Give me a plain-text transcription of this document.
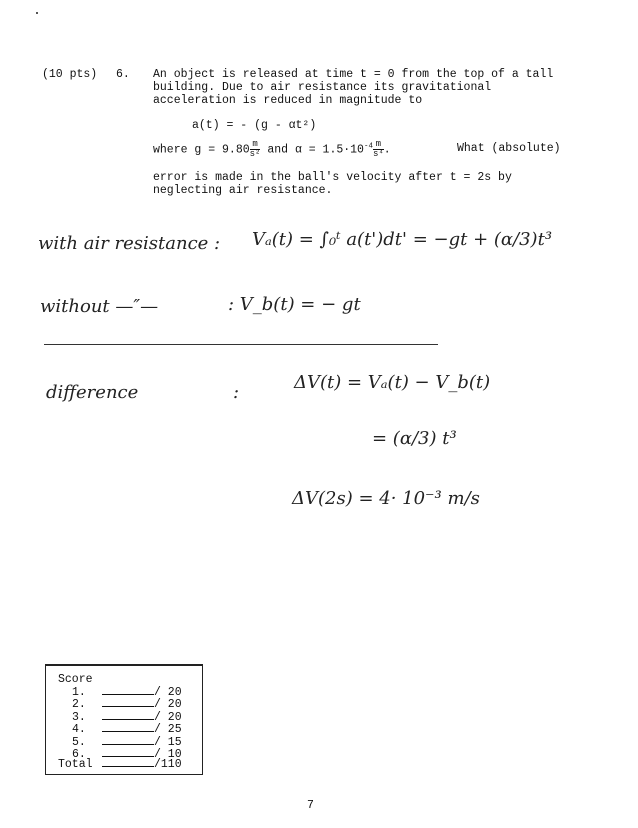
(10 pts) 6. An object is released at time t = 0 from the top of a tall
building. Due to air resistance its gravitational
acceleration is reduced in magnitude to
a(t) = - (g - αt²)
where $g = 9.80 \frac{m}{\text{s²}}$ and $\alpha = 1.5\cdot 10^{-4} \frac{m}{\text{s⁴}}$ .	What (absolute)
error is made in the ball's velocity after t = 2s by
neglecting air resistance.
with air resistance : Vₐ(t) = ∫₀ᵗ a(t')dt' = −gt + (α/3)t³
without —″—	: V_b(t) = − gt
difference	:	ΔV(t) = Vₐ(t) − V_b(t)
= (α/3) t³
ΔV(2s) = 4· 10⁻³ m/s
Score
1.	/ 20
2.	/ 20
3.	/ 20
4.	/ 25
5.	/ 15
6.	/ 10
Total	/110
7
